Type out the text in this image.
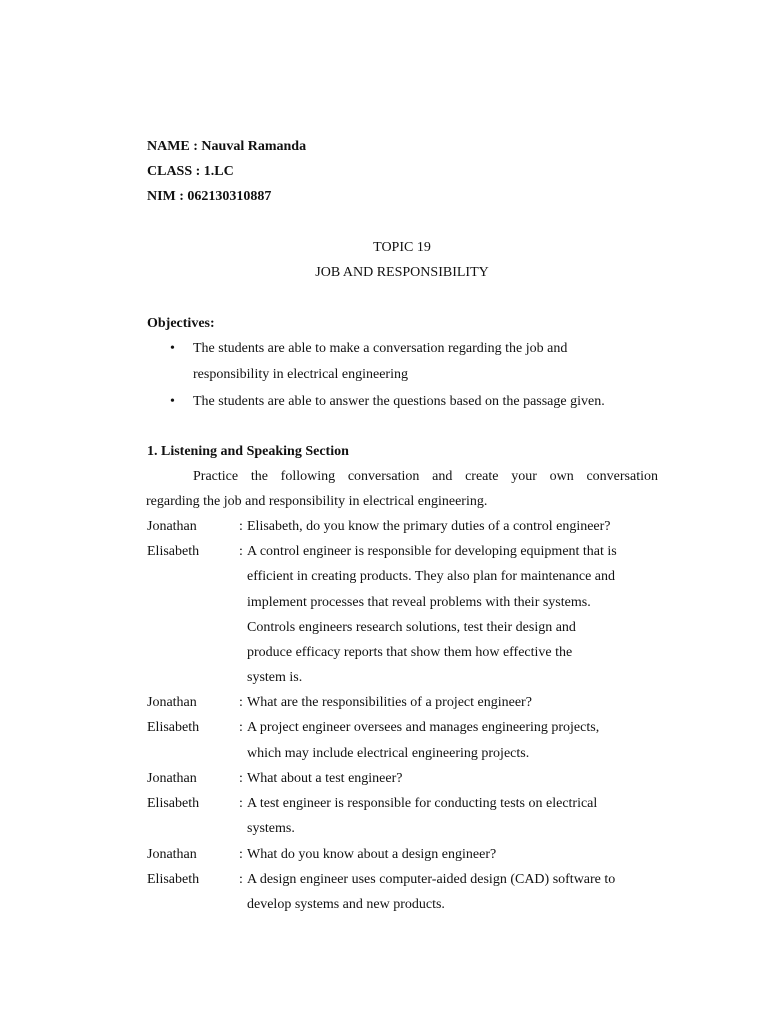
NAME : Nauval Ramanda
CLASS : 1.LC
NIM : 062130310887
TOPIC 19
JOB AND RESPONSIBILITY
Objectives:
• The students are able to make a conversation regarding the job and
responsibility in electrical engineering
• The students are able to answer the questions based on the passage given.
1. Listening and Speaking Section
Practice the following conversation and create your own conversation
regarding the job and responsibility in electrical engineering.
Jonathan	: Elisabeth, do you know the primary duties of a control engineer?
Elisabeth	: A control engineer is responsible for developing equipment that is
efficient in creating products. They also plan for maintenance and
implement processes that reveal problems with their systems.
Controls engineers research solutions, test their design and
produce efficacy reports that show them how effective the
system is.
Jonathan	: What are the responsibilities of a project engineer?
Elisabeth	: A project engineer oversees and manages engineering projects,
which may include electrical engineering projects.
Jonathan	: What about a test engineer?
Elisabeth	: A test engineer is responsible for conducting tests on electrical
systems.
Jonathan	: What do you know about a design engineer?
Elisabeth	: A design engineer uses computer-aided design (CAD) software to
develop systems and new products.
